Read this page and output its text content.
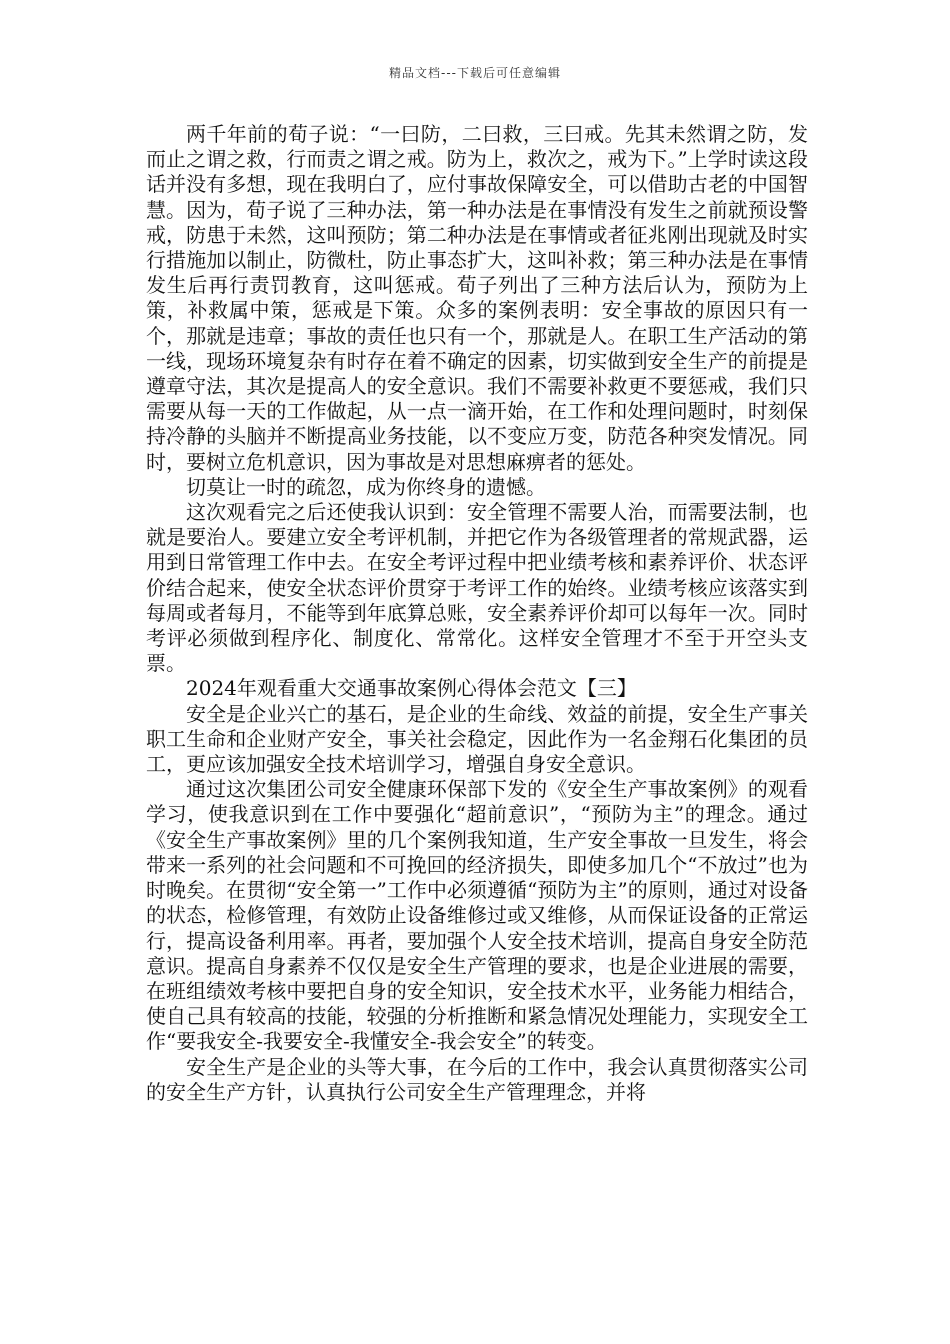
精品文档---下载后可任意编辑

两千年前的荀子说：“一曰防，二曰救，三曰戒。先其未然谓之防，发而止之谓之救，行而责之谓之戒。防为上，救次之，戒为下。”上学时读这段话并没有多想，现在我明白了，应付事故保障安全，可以借助古老的中国智慧。因为，荀子说了三种办法，第一种办法是在事情没有发生之前就预设警戒，防患于未然，这叫预防；第二种办法是在事情或者征兆刚出现就及时实行措施加以制止，防微杜，防止事态扩大，这叫补救；第三种办法是在事情发生后再行责罚教育，这叫惩戒。荀子列出了三种方法后认为，预防为上策，补救属中策，惩戒是下策。众多的案例表明：安全事故的原因只有一个，那就是违章；事故的责任也只有一个，那就是人。在职工生产活动的第一线，现场环境复杂有时存在着不确定的因素，切实做到安全生产的前提是遵章守法，其次是提高人的安全意识。我们不需要补救更不要惩戒，我们只需要从每一天的工作做起，从一点一滴开始，在工作和处理问题时，时刻保持冷静的头脑并不断提高业务技能，以不变应万变，防范各种突发情况。同时，要树立危机意识，因为事故是对思想麻痹者的惩处。

切莫让一时的疏忽，成为你终身的遗憾。

这次观看完之后还使我认识到：安全管理不需要人治，而需要法制，也就是要治人。要建立安全考评机制，并把它作为各级管理者的常规武器，运用到日常管理工作中去。在安全考评过程中把业绩考核和素养评价、状态评价结合起来，使安全状态评价贯穿于考评工作的始终。业绩考核应该落实到每周或者每月，不能等到年底算总账，安全素养评价却可以每年一次。同时考评必须做到程序化、制度化、常常化。这样安全管理才不至于开空头支票。

2024年观看重大交通事故案例心得体会范文【三】

安全是企业兴亡的基石，是企业的生命线、效益的前提，安全生产事关职工生命和企业财产安全，事关社会稳定，因此作为一名金翔石化集团的员工，更应该加强安全技术培训学习，增强自身安全意识。

通过这次集团公司安全健康环保部下发的《安全生产事故案例》的观看学习，使我意识到在工作中要强化“超前意识”，“预防为主”的理念。通过《安全生产事故案例》里的几个案例我知道，生产安全事故一旦发生，将会带来一系列的社会问题和不可挽回的经济损失，即使多加几个“不放过”也为时晚矣。在贯彻“安全第一”工作中必须遵循“预防为主”的原则，通过对设备的状态，检修管理，有效防止设备维修过或又维修，从而保证设备的正常运行，提高设备利用率。再者，要加强个人安全技术培训，提高自身安全防范意识。提高自身素养不仅仅是安全生产管理的要求，也是企业进展的需要，在班组绩效考核中要把自身的安全知识，安全技术水平，业务能力相结合，使自己具有较高的技能，较强的分析推断和紧急情况处理能力，实现安全工作“要我安全-我要安全-我懂安全-我会安全”的转变。

安全生产是企业的头等大事，在今后的工作中，我会认真贯彻落实公司的安全生产方针，认真执行公司安全生产管理理念，并将
